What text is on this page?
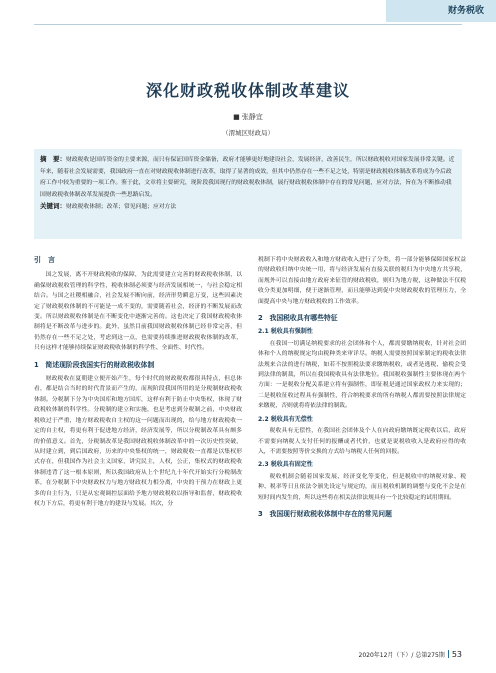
财务税收
深化财政税收体制改革建议
■ 张静宜
（渭城区财政局）
摘　要：财政税收是国库资金的主要来源，而只有保证国库资金储备，政府才能够更好地建设社会，发展经济，改善民生，所以财政税收对国家发展非常关键。近年来，随着社会发展需要，我国政府一直在对财政税收体制进行改革，取得了显著的成效，但其中仍然存在一些不足之处，特别是财政税收体制改革将成为今后政府工作中较为重要的一项工作。鉴于此，文章将主要研究，现阶段我国现行的财政税收体制，展行财政税收体制中存在的常见问题，应对方法，旨在为不断推动我国财政税收体制改革发展提供一些思路启发。
关键词：财政税收体制；改革；常见问题；应对方法
引　言

国之发展，离不开财政税收的保障，为此需要建立完善的财政税收体制，以确保财政税收管理的科学性，税收体制必须要与经济发展相统一，与社会稳定相结合。与国之社稷相融合，社会发展不断向前，经济形势瞬息万变，这些因素决定了财政税收体制的不可能是一成不变的，需要随着社会，经济的不断发展而改变。所以财政税收体制是在不断变化中逐渐完善的。这也决定了我国财政税收体制将是不断改革与进步的。此外，虽然目前我国财政税收体制已经非常完善，但仍然存在一些不足之处，考虑到这一点，也需要持续推进财政税收体制的改革，只有这样才能够持续保证财政税收体制的科学性、全面性、时代性。

1　简述现阶段我国实行的财政税收体制

财政税收在夏朝建立便开始产生，每个时代的财政税收都很具特点，但总体看，都是结合当时的时代背景而产生的，而现阶段我国所用的是分税制财政税收体制。分税制下分为中央国库和地方国库，这样有利于防止中央集权，体现了财政税收体制的科学性。分税制的建立和实施，也是考虑到分税制之前，中央财政税收过于严重，地方财政税收自主权的这一问题而出现的，给与地方财政税收一定的自主权，将更有利于促进地方经济，经济发展等，所以分税制改革具有颇多的价值意义。首先，分税制改革是我国财政税收体制改革中的一次历史性突破，从时建立到，到后国政府，历来的中央集权的统一，财政税收一直都是以集权形式存在，但我国作为社会主义国家，讲究民主，人权，公正，集权式的财政税收体制违背了这一根本原则，所以我国政府从上个世纪九十年代开始实行分税制改革，在分税制下中央财政权力与地方财政权力相分离，中央的干预力在财政上更多的自主行为，只是从宏观调控层面给予地方财政税收以指导和监督，财政税收权力下方后，将更有利于地方的建设与发展。其次，分

税制下将中央财政收入和地方财政收入进行了分类，将一部分能够保障国家权益的财政收归纳中央统一用，将与经济发展有直接关联的税归为中央地方共享税，而规外可以直接由地方政府来征管的财政税收，则归为地方税，这种做法不仅税收分类更加明细，便于逐渐管理，而且能够达到促中央财政税收的管理压力，全面提高中央与地方财政税收的工作效率。

2　我国税收具有哪些特征
2.1 税收具有强制性

在我国一切满足纳税要求的社会团体和个人，都需要缴纳税收，针对社会团体和个人的纳税规定均由税种类来审详尽。纳税人需要按照国家制定的税收法律法规来合法的进行纳税，如若不按照税法要求缴纳税收，或者是逃税、偷税会受到法律的制裁，所以在我国税收具有法律地位。我国税收强制性主要体现在两个方面：一是税收分配关系建立将有强制性，即征税是通过国家政权力来实现的；二是税收征收过程具有强制性，符合纳税要求的所有纳税人都需要按照法律规定来缴税，否则就将将依法律的制裁。

2.2 税收具有无偿性

税收具有无偿性，在我国社会团体及个人在向政府缴纳既定税收以后，政府不需要向纳税人支付任何的报酬或者代价，也就是说税收收入是政府应得的收入，不需要按照等价交换的方式给与纳税人任何的回报。

2.3 税收具有固定性

税收机制会随着国家发展、经济变化等变化，但是税收中的纳税对象、税种、税率等日且依法令颁先设定与规定的，而且税收机制的调整与变化不会是在短时间内发生的，所以这些将在相关法律法规具有一个比较稳定的试用期间。

3　我国现行财政税收体制中存在的常见问题
2020年12月（下）/ 总第275期 53
